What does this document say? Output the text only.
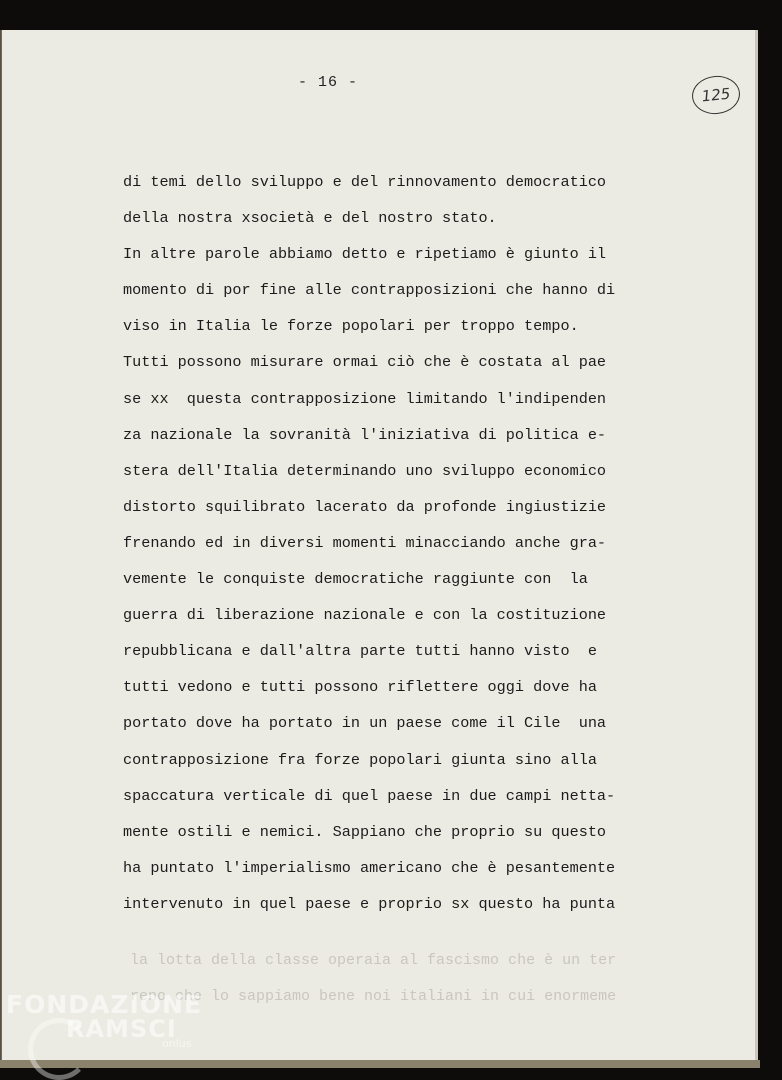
- 16 -
125
la lotta della classe operaia al fascismo che è un ter
reno che lo sappiamo bene noi italiani in cui enormeme
di temi dello sviluppo e del rinnovamento democratico
della nostra xsocietà e del nostro stato.
In altre parole abbiamo detto e ripetiamo è giunto il
momento di por fine alle contrapposizioni che hanno di
viso in Italia le forze popolari per troppo tempo.
Tutti possono misurare ormai ciò che è costata al pae
se xx  questa contrapposizione limitando l'indipenden
za nazionale la sovranità l'iniziativa di politica e-
stera dell'Italia determinando uno sviluppo economico
distorto squilibrato lacerato da profonde ingiustizie
frenando ed in diversi momenti minacciando anche gra-
vemente le conquiste democratiche raggiunte con  la
guerra di liberazione nazionale e con la costituzione
repubblicana e dall'altra parte tutti hanno visto  e
tutti vedono e tutti possono riflettere oggi dove ha
portato dove ha portato in un paese come il Cile  una
contrapposizione fra forze popolari giunta sino alla
spaccatura verticale di quel paese in due campi netta-
mente ostili e nemici. Sappiano che proprio su questo
ha puntato l'imperialismo americano che è pesantemente
intervenuto in quel paese e proprio sx questo ha punta
FONDAZIONE
RAMSCI
onlus
